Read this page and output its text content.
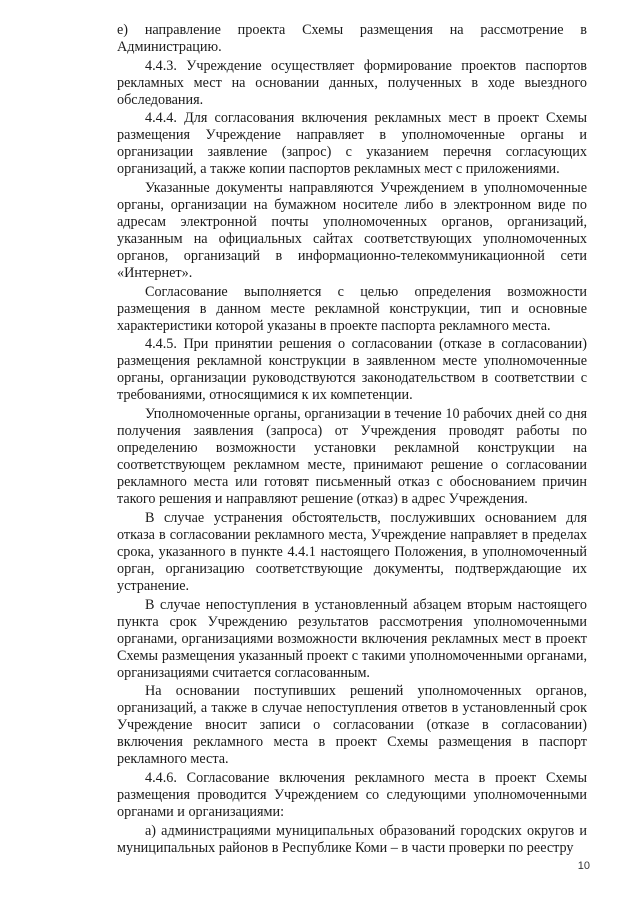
е) направление проекта Схемы размещения на рассмотрение в Администрацию.

4.4.3. Учреждение осуществляет формирование проектов паспортов рекламных мест на основании данных, полученных в ходе выездного обследования.

4.4.4. Для согласования включения рекламных мест в проект Схемы размещения Учреждение направляет в уполномоченные органы и организации заявление (запрос) с указанием перечня согласующих организаций, а также копии паспортов рекламных мест с приложениями.

Указанные документы направляются Учреждением в уполномоченные органы, организации на бумажном носителе либо в электронном виде по адресам электронной почты уполномоченных органов, организаций, указанным на официальных сайтах соответствующих уполномоченных органов, организаций в информационно-телекоммуникационной сети «Интернет».

Согласование выполняется с целью определения возможности размещения в данном месте рекламной конструкции, тип и основные характеристики которой указаны в проекте паспорта рекламного места.

4.4.5. При принятии решения о согласовании (отказе в согласовании) размещения рекламной конструкции в заявленном месте уполномоченные органы, организации руководствуются законодательством в соответствии с требованиями, относящимися к их компетенции.

Уполномоченные органы, организации в течение 10 рабочих дней со дня получения заявления (запроса) от Учреждения проводят работы по определению возможности установки рекламной конструкции на соответствующем рекламном месте, принимают решение о согласовании рекламного места или готовят письменный отказ с обоснованием причин такого решения и направляют решение (отказ) в адрес Учреждения.

В случае устранения обстоятельств, послуживших основанием для отказа в согласовании рекламного места, Учреждение направляет в пределах срока, указанного в пункте 4.4.1 настоящего Положения, в уполномоченный орган, организацию соответствующие документы, подтверждающие их устранение.

В случае непоступления в установленный абзацем вторым настоящего пункта срок Учреждению результатов рассмотрения уполномоченными органами, организациями возможности включения рекламных мест в проект Схемы размещения указанный проект с такими уполномоченными органами, организациями считается согласованным.

На основании поступивших решений уполномоченных органов, организаций, а также в случае непоступления ответов в установленный срок Учреждение вносит записи о согласовании (отказе в согласовании) включения рекламного места в проект Схемы размещения в паспорт рекламного места.

4.4.6. Согласование включения рекламного места в проект Схемы размещения проводится Учреждением со следующими уполномоченными органами и организациями:

а) администрациями муниципальных образований городских округов и муниципальных районов в Республике Коми – в части проверки по реестру

10
